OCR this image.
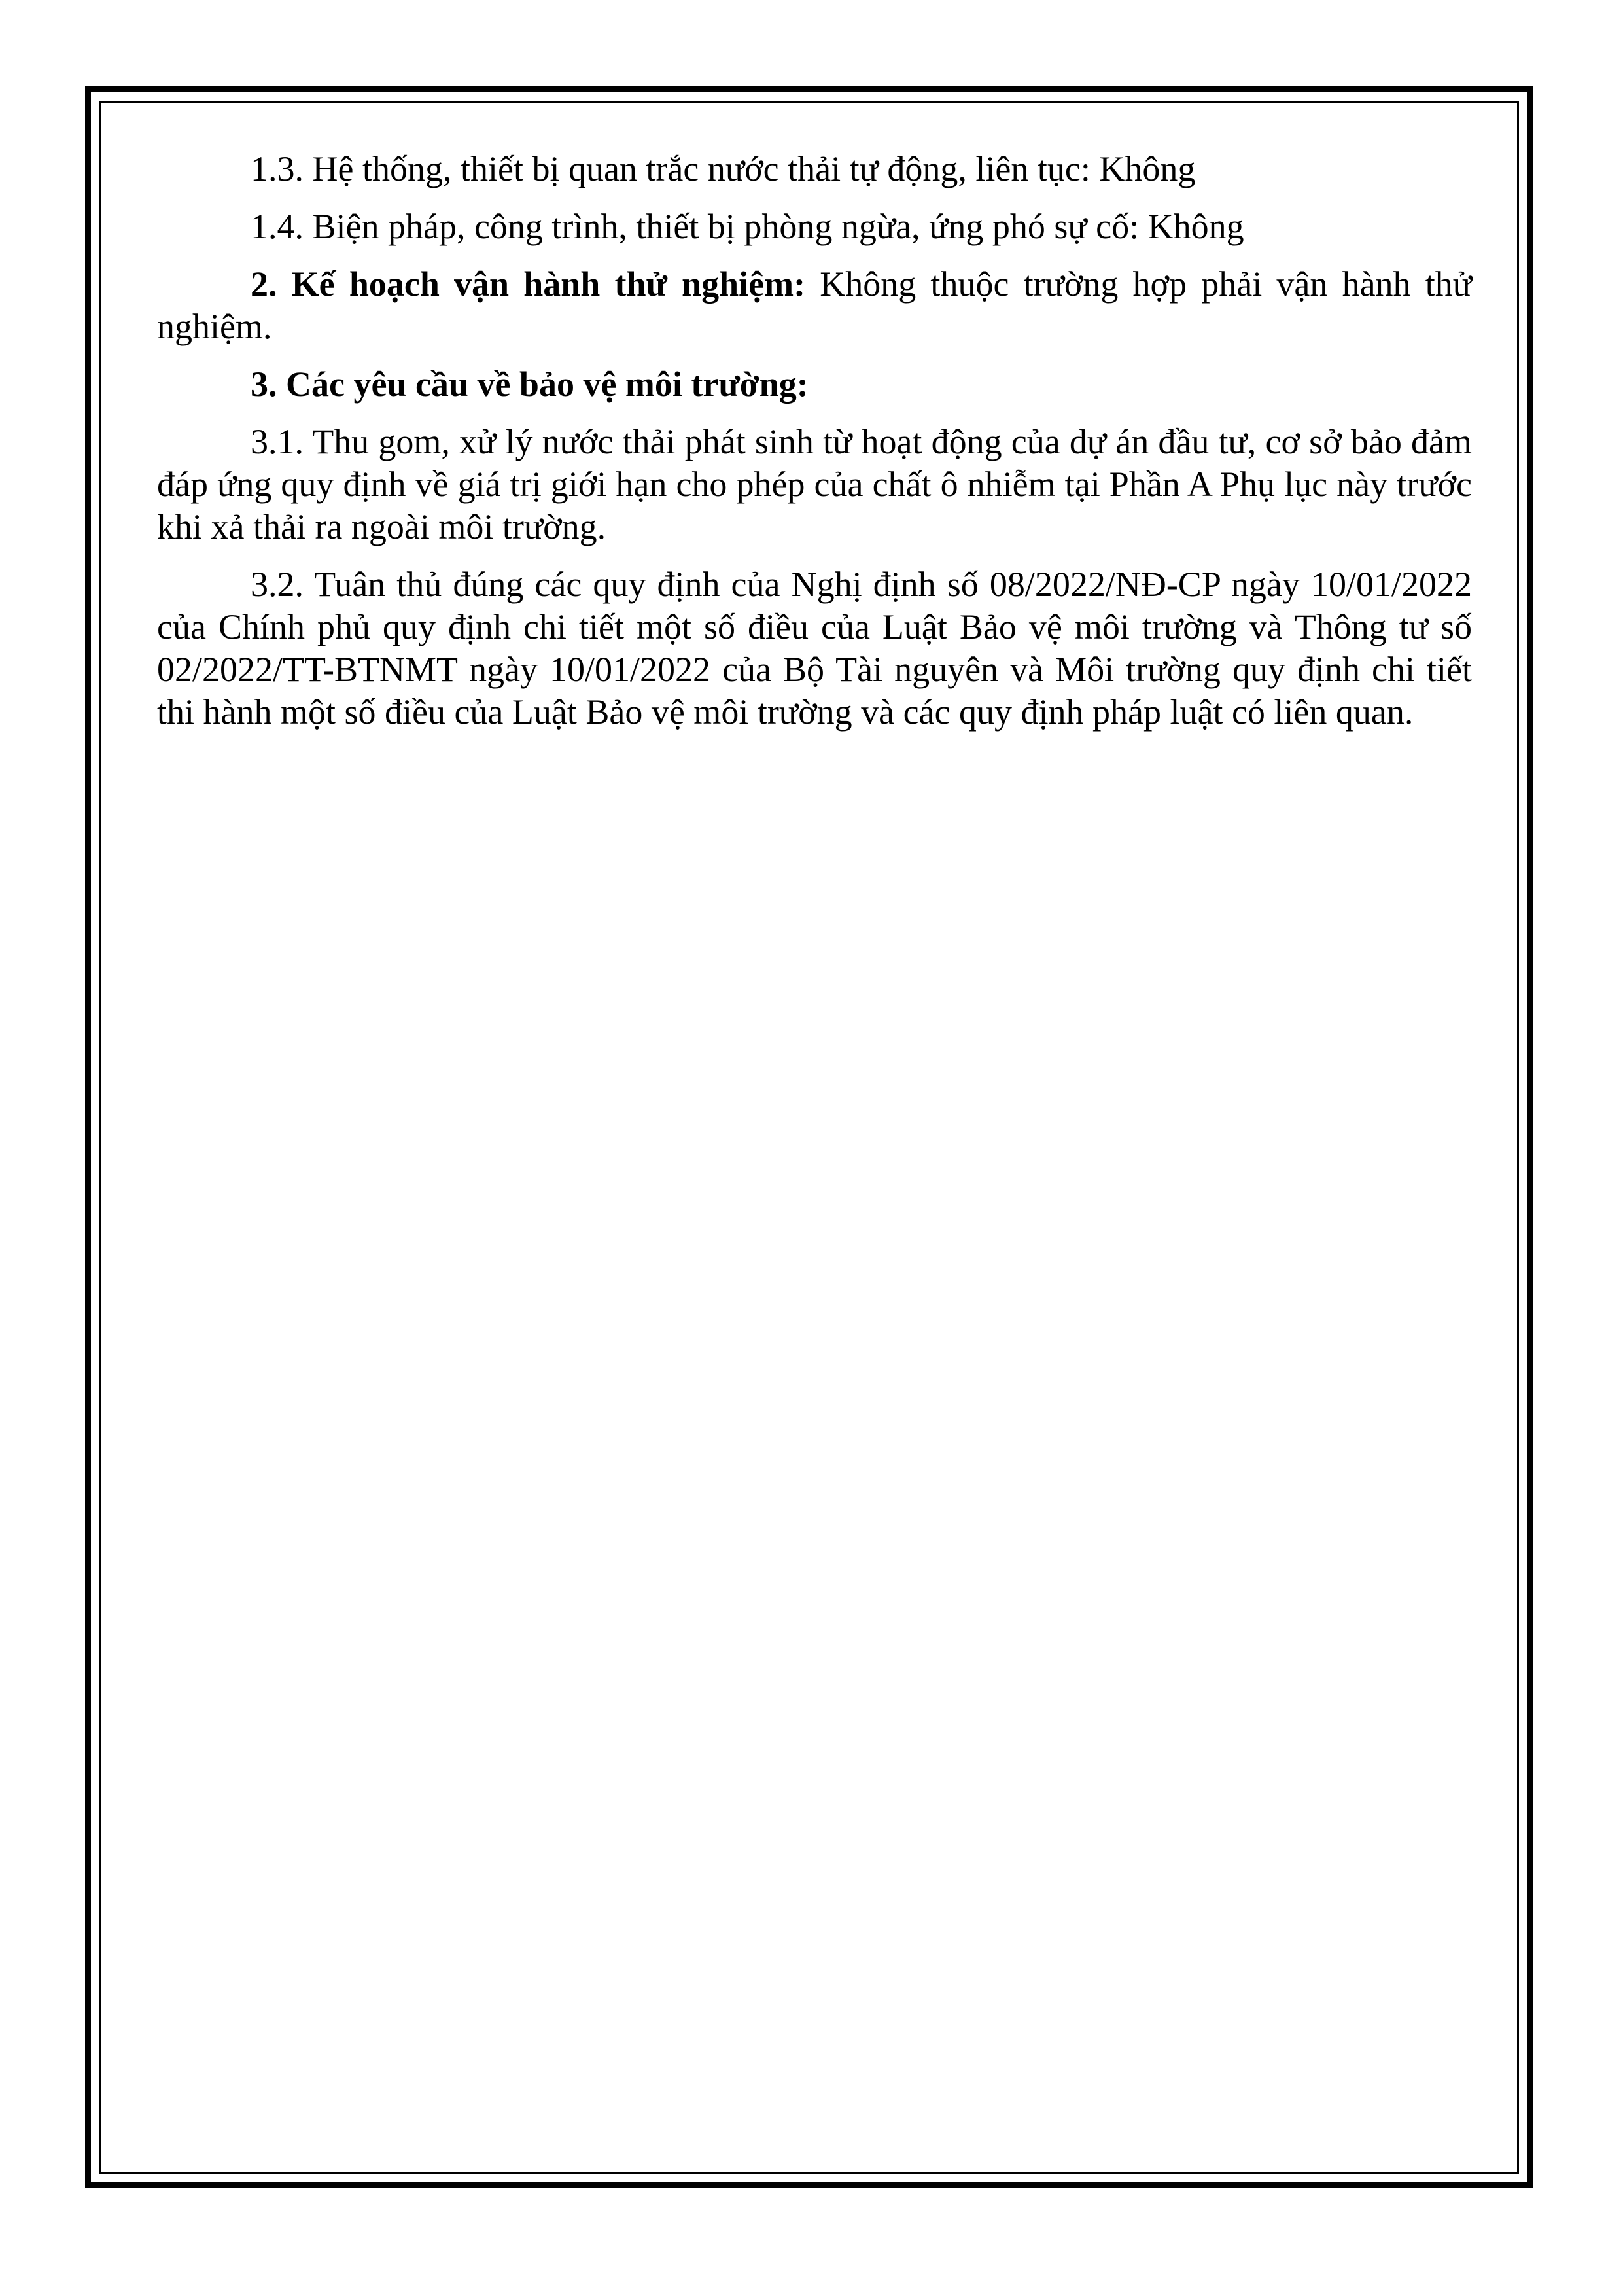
1.3. Hệ thống, thiết bị quan trắc nước thải tự động, liên tục: Không

1.4. Biện pháp, công trình, thiết bị phòng ngừa, ứng phó sự cố: Không

2. Kế hoạch vận hành thử nghiệm: Không thuộc trường hợp phải vận hành thử nghiệm.

3. Các yêu cầu về bảo vệ môi trường:

3.1. Thu gom, xử lý nước thải phát sinh từ hoạt động của dự án đầu tư, cơ sở bảo đảm đáp ứng quy định về giá trị giới hạn cho phép của chất ô nhiễm tại Phần A Phụ lục này trước khi xả thải ra ngoài môi trường.

3.2. Tuân thủ đúng các quy định của Nghị định số 08/2022/NĐ-CP ngày 10/01/2022 của Chính phủ quy định chi tiết một số điều của Luật Bảo vệ môi trường và Thông tư số 02/2022/TT-BTNMT ngày 10/01/2022 của Bộ Tài nguyên và Môi trường quy định chi tiết thi hành một số điều của Luật Bảo vệ môi trường và các quy định pháp luật có liên quan.
